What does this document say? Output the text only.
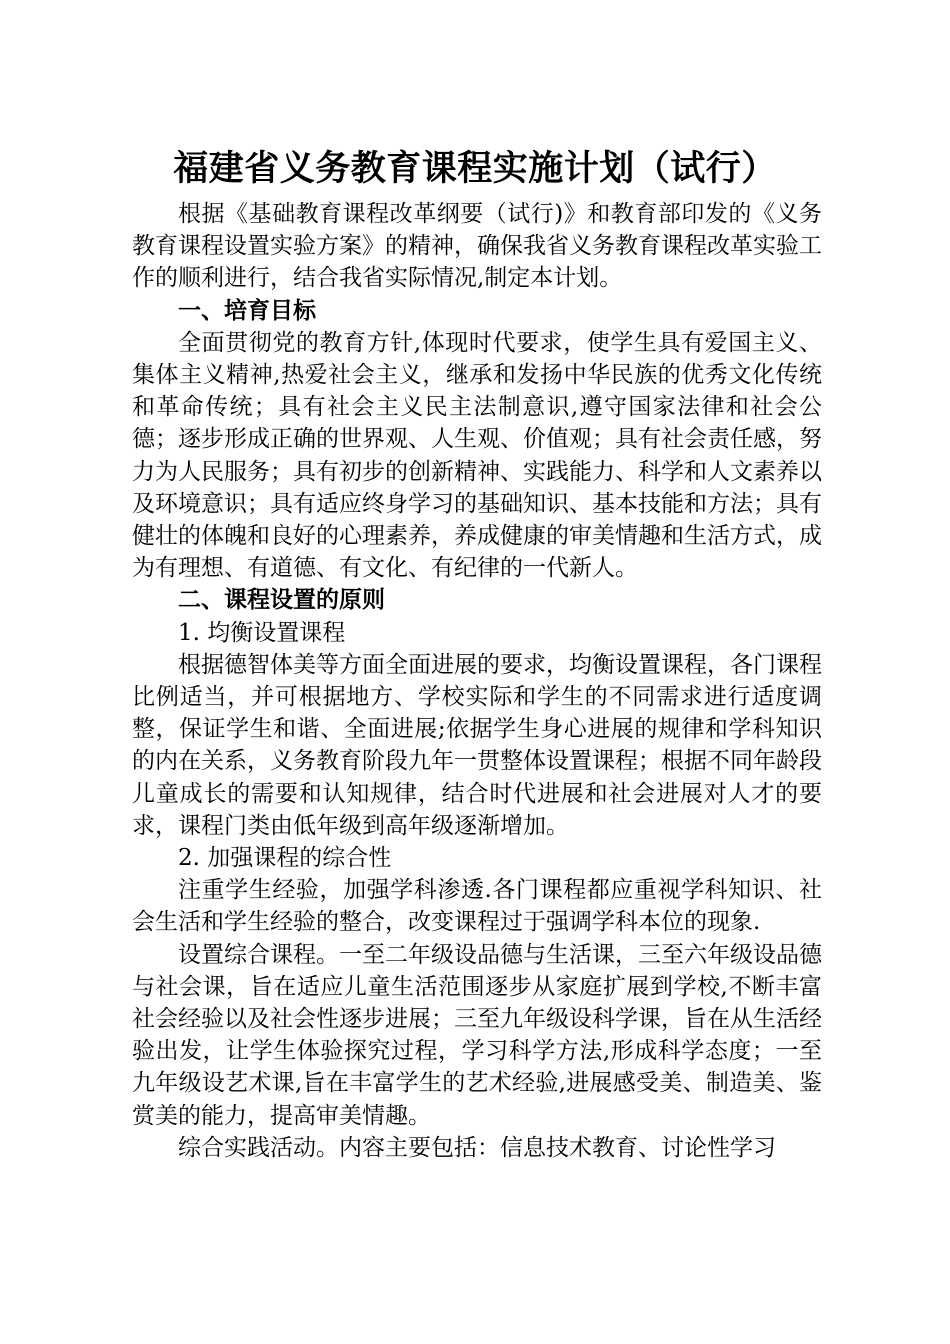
福建省义务教育课程实施计划（试行）

根据《基础教育课程改革纲要（试行)》和教育部印发的《义务教育课程设置实验方案》的精神，确保我省义务教育课程改革实验工作的顺利进行，结合我省实际情况,制定本计划。

一、培育目标

全面贯彻党的教育方针,体现时代要求，使学生具有爱国主义、集体主义精神,热爱社会主义，继承和发扬中华民族的优秀文化传统和革命传统；具有社会主义民主法制意识,遵守国家法律和社会公德；逐步形成正确的世界观、人生观、价值观；具有社会责任感，努力为人民服务；具有初步的创新精神、实践能力、科学和人文素养以及环境意识；具有适应终身学习的基础知识、基本技能和方法；具有健壮的体魄和良好的心理素养，养成健康的审美情趣和生活方式，成为有理想、有道德、有文化、有纪律的一代新人。

二、课程设置的原则

1. 均衡设置课程

根据德智体美等方面全面进展的要求，均衡设置课程，各门课程比例适当，并可根据地方、学校实际和学生的不同需求进行适度调整，保证学生和谐、全面进展;依据学生身心进展的规律和学科知识的内在关系，义务教育阶段九年一贯整体设置课程；根据不同年龄段儿童成长的需要和认知规律，结合时代进展和社会进展对人才的要求，课程门类由低年级到高年级逐渐增加。

2. 加强课程的综合性

注重学生经验，加强学科渗透.各门课程都应重视学科知识、社会生活和学生经验的整合，改变课程过于强调学科本位的现象.

设置综合课程。一至二年级设品德与生活课，三至六年级设品德与社会课，旨在适应儿童生活范围逐步从家庭扩展到学校,不断丰富社会经验以及社会性逐步进展；三至九年级设科学课，旨在从生活经验出发，让学生体验探究过程，学习科学方法,形成科学态度；一至九年级设艺术课,旨在丰富学生的艺术经验,进展感受美、制造美、鉴赏美的能力，提高审美情趣。

综合实践活动。内容主要包括：信息技术教育、讨论性学习
